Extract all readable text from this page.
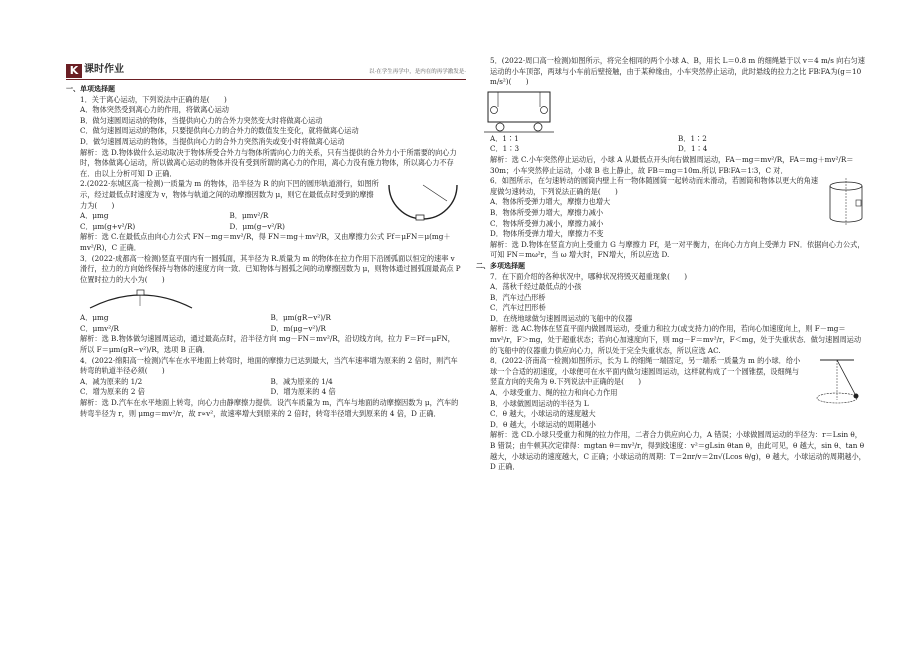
K 课时作业	以·在学生再学中，是内在的再学激发是·

一、单项选择题

1．关于离心运动，下列说法中正确的是(　　)

A．物体突然受到离心力的作用，将做离心运动

B．做匀速圆周运动的物体，当提供向心力的合外力突然变大时将做离心运动

C．做匀速圆周运动的物体，只要提供向心力的合外力的数值发生变化，就将做离心运动

D．做匀速圆周运动的物体，当提供向心力的合外力突然消失或变小时将做离心运动

解析：选 D.物体做什么运动取决于物体所受合外力与物体所需向心力的关系，只有当提供的合外力小于所需要的向心力时，物体做离心运动，所以做离心运动的物体并没有受到所谓的离心力的作用，离心力没有施力物体，所以离心力不存在．由以上分析可知 D 正确．

2.(2022·东城区高一检测)一质量为 m 的物体，沿半径为 R 的向下凹的圆形轨道滑行，如图所示，经过最低点时速度为 v，物体与轨道之间的动摩擦因数为 μ，则它在最低点时受到的摩擦力为(　　)

A．μmg	B．μmv²/R
C．μm(g+v²/R)	D．μm(g−v²/R)

解析：选 C.在最低点由向心力公式 FN－mg＝mv²/R，得 FN＝mg＋mv²/R，又由摩擦力公式 Ff＝μFN＝μ(mg＋mv²/R)，C 正确．

3．(2022·成都高一检测)竖直平面内有一圆弧面，其半径为 R.质量为 m 的物体在拉力作用下沿圆弧面以恒定的速率 v 滑行，拉力的方向始终保持与物体的速度方向一致．已知物体与圆弧之间的动摩擦因数为 μ，则物体通过圆弧面最高点 P 位置时拉力的大小为(　　)

A．μmg	B．μm(gR−v²)/R
C．μmv²/R	D．m(μg−v²)/R

解析：选 B.物体做匀速圆周运动，通过最高点时，沿半径方向 mg－FN＝mv²/R，沿切线方向，拉力 F＝Ff＝μFN，所以 F＝μm(gR−v²)/R，选项 B 正确．

4．(2022·绵阳高一检测)汽车在水平地面上转弯时，地面的摩擦力已达到最大，当汽车速率增为原来的 2 倍时，则汽车转弯的轨道半径必须(　　)

A．减为原来的 1/2	B．减为原来的 1/4
C．增为原来的 2 倍	D．增为原来的 4 倍

解析：选 D.汽车在水平地面上转弯，向心力由静摩擦力提供．设汽车质量为 m，汽车与地面的动摩擦因数为 μ，汽车的转弯半径为 r，则 μmg＝mv²/r，故 r∝v²，故速率增大到原来的 2 倍时，转弯半径增大到原来的 4 倍，D 正确．

5．(2022·周口高一检测)如图所示，将完全相同的两个小球 A、B，用长 L＝0.8 m 的细绳悬于以 v＝4 m/s 向右匀速运动的小车顶部，两球与小车前后壁接触，由于某种缘由，小车突然停止运动，此时悬线的拉力之比 FB∶FA为(g＝10 m/s²)(　　)

A．1∶1	B．1∶2
C．1∶3	D．1∶4

解析：选 C.小车突然停止运动后，小球 A 从最低点开头向右做圆周运动，FA－mg＝mv²/R，FA＝mg＋mv²/R＝30m；小车突然停止运动，小球 B 也上静止，故 FB＝mg＝10m.所以 FB∶FA＝1∶3，C 对．

6．如图所示，在匀速转动的圆筒内壁上有一物体随圆筒一起转动而未滑动，若圆筒和物体以更大的角速度做匀速转动，下列说法正确的是(　　)

A．物体所受弹力增大，摩擦力也增大

B．物体所受弹力增大，摩擦力减小

C．物体所受弹力减小，摩擦力减小

D．物体所受弹力增大，摩擦力不变

解析：选 D.物体在竖直方向上受重力 G 与摩擦力 Ff，是一对平衡力，在向心力方向上受弹力 FN．依据向心力公式，可知 FN＝mω²r，当 ω 增大时，FN增大，所以应选 D.

二、多项选择题

7．在下面介绍的各种状况中，哪种状况将毁灭超重现象(　　)

A．荡秋千经过最低点的小孩

B．汽车过凸形桥

C．汽车过凹形桥

D．在绕地球做匀速圆周运动的飞船中的仪器

解析：选 AC.物体在竖直平面内做圆周运动，受重力和拉力(或支持力)的作用，若向心加速度向上，则 F－mg＝mv²/r，F＞mg，处于超重状态；若向心加速度向下，则 mg－F＝mv²/r，F＜mg，处于失重状态．做匀速圆周运动的飞船中的仪器重力供应向心力，所以处于完全失重状态，所以应选 AC.

8．(2022·济南高一检测)如图所示，长为 L 的细绳一端固定，另一端系一质量为 m 的小球．给小球一个合适的初速度，小球便可在水平面内做匀速圆周运动，这样就构成了一个圆锥摆，设细绳与竖直方向的夹角为 θ.下列说法中正确的是(　　)

A．小球受重力、绳的拉力和向心力作用

B．小球做圆周运动的半径为 L

C．θ 越大，小球运动的速度越大

D．θ 越大，小球运动的周期越小

解析：选 CD.小球只受重力和绳的拉力作用，二者合力供应向心力，A 错误；小球做圆周运动的半径为：r＝Lsin θ，B 错误；由牛顿其次定律得：mgtan θ＝mv²/r，得到线速度：v²＝gLsin θtan θ，由此可见，θ 越大，sin θ、tan θ 越大，小球运动的速度越大，C 正确；小球运动的周期：T＝2πr/v＝2π√(Lcos θ/g)，θ 越大，小球运动的周期越小，D 正确．
